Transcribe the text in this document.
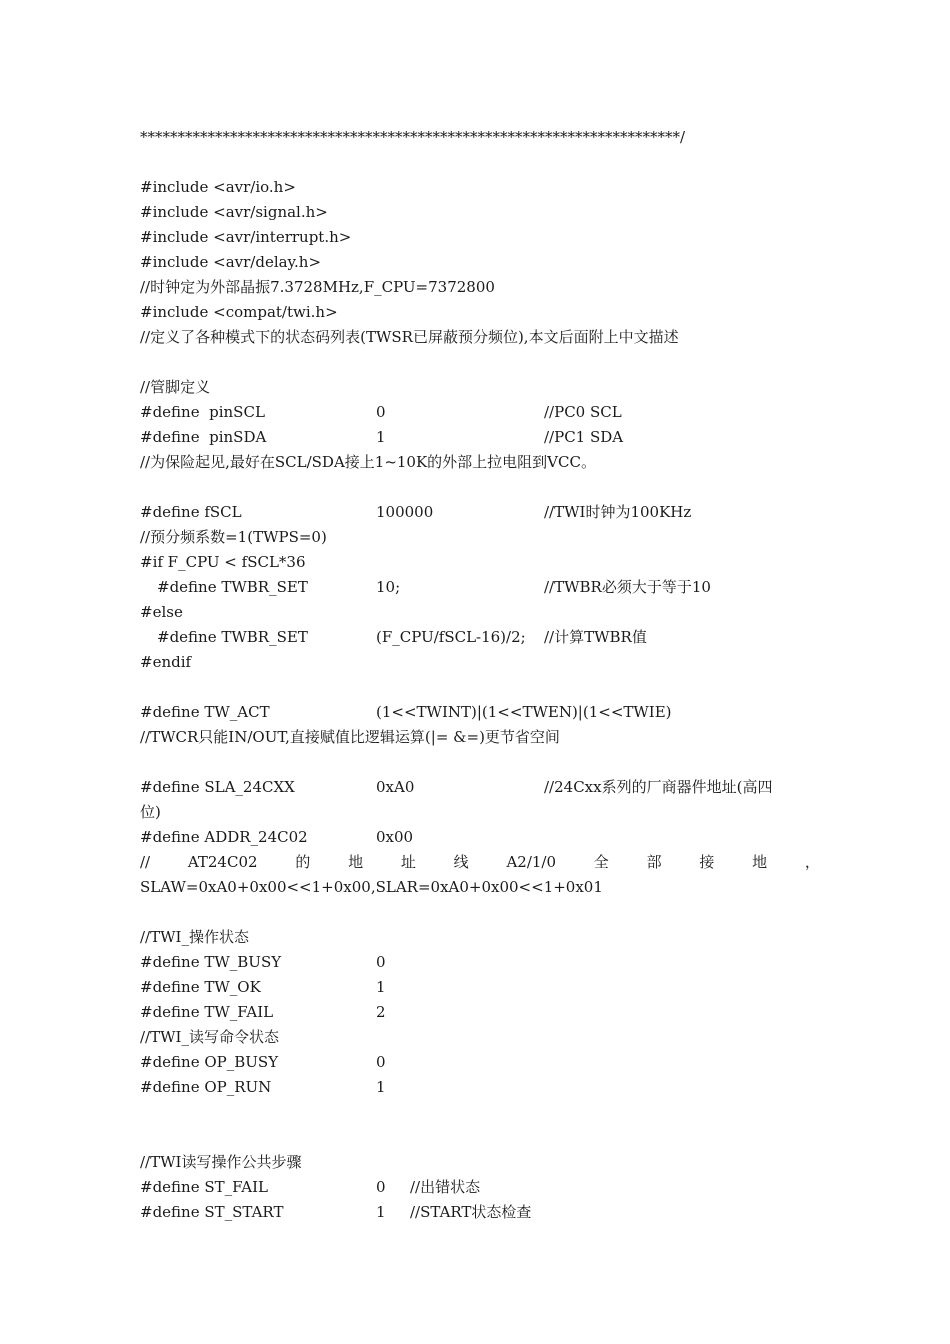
************************************************************************/
#include <avr/io.h>
#include <avr/signal.h>
#include <avr/interrupt.h>
#include <avr/delay.h>
//时钟定为外部晶振7.3728MHz,F_CPU=7372800
#include <compat/twi.h>
//定义了各种模式下的状态码列表(TWSR已屏蔽预分频位),本文后面附上中文描述
//管脚定义
#define  pinSCL	0	//PC0 SCL
#define  pinSDA	1	//PC1 SDA
//为保险起见,最好在SCL/SDA接上1~10K的外部上拉电阻到VCC。
#define fSCL	100000	//TWI时钟为100KHz
//预分频系数=1(TWPS=0)
#if F_CPU < fSCL*36
#define TWBR_SET	10;	//TWBR必须大于等于10
#else
#define TWBR_SET	(F_CPU/fSCL-16)/2;	//计算TWBR值
#endif
#define TW_ACT	(1<<TWINT)|(1<<TWEN)|(1<<TWIE)
//TWCR只能IN/OUT,直接赋值比逻辑运算(|= &=)更节省空间
#define SLA_24CXX	0xA0	//24Cxx系列的厂商器件地址(高四
位)
#define ADDR_24C02	0x00
//	AT24C02	的	地	址	线	A2/1/0	全	部	接	地	，
SLAW=0xA0+0x00<<1+0x00,SLAR=0xA0+0x00<<1+0x01
//TWI_操作状态
#define TW_BUSY	0
#define TW_OK	1
#define TW_FAIL	2
//TWI_读写命令状态
#define OP_BUSY	0
#define OP_RUN	1
//TWI读写操作公共步骤
#define ST_FAIL	0	//出错状态
#define ST_START	1	//START状态检查
